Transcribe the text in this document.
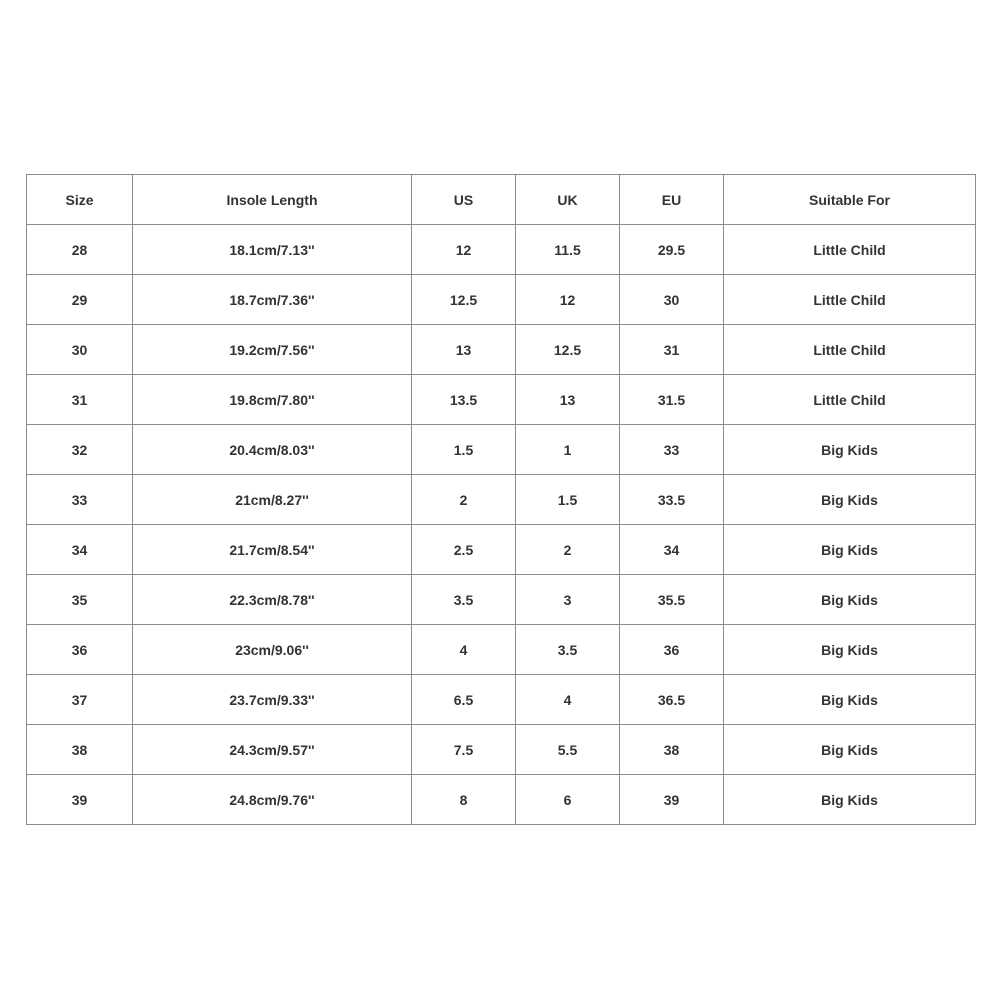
Size	Insole Length	US	UK	EU	Suitable For
28	18.1cm/7.13''	12	11.5	29.5	Little Child
29	18.7cm/7.36''	12.5	12	30	Little Child
30	19.2cm/7.56''	13	12.5	31	Little Child
31	19.8cm/7.80''	13.5	13	31.5	Little Child
32	20.4cm/8.03''	1.5	1	33	Big Kids
33	21cm/8.27''	2	1.5	33.5	Big Kids
34	21.7cm/8.54''	2.5	2	34	Big Kids
35	22.3cm/8.78''	3.5	3	35.5	Big Kids
36	23cm/9.06''	4	3.5	36	Big Kids
37	23.7cm/9.33''	6.5	4	36.5	Big Kids
38	24.3cm/9.57''	7.5	5.5	38	Big Kids
39	24.8cm/9.76''	8	6	39	Big Kids
